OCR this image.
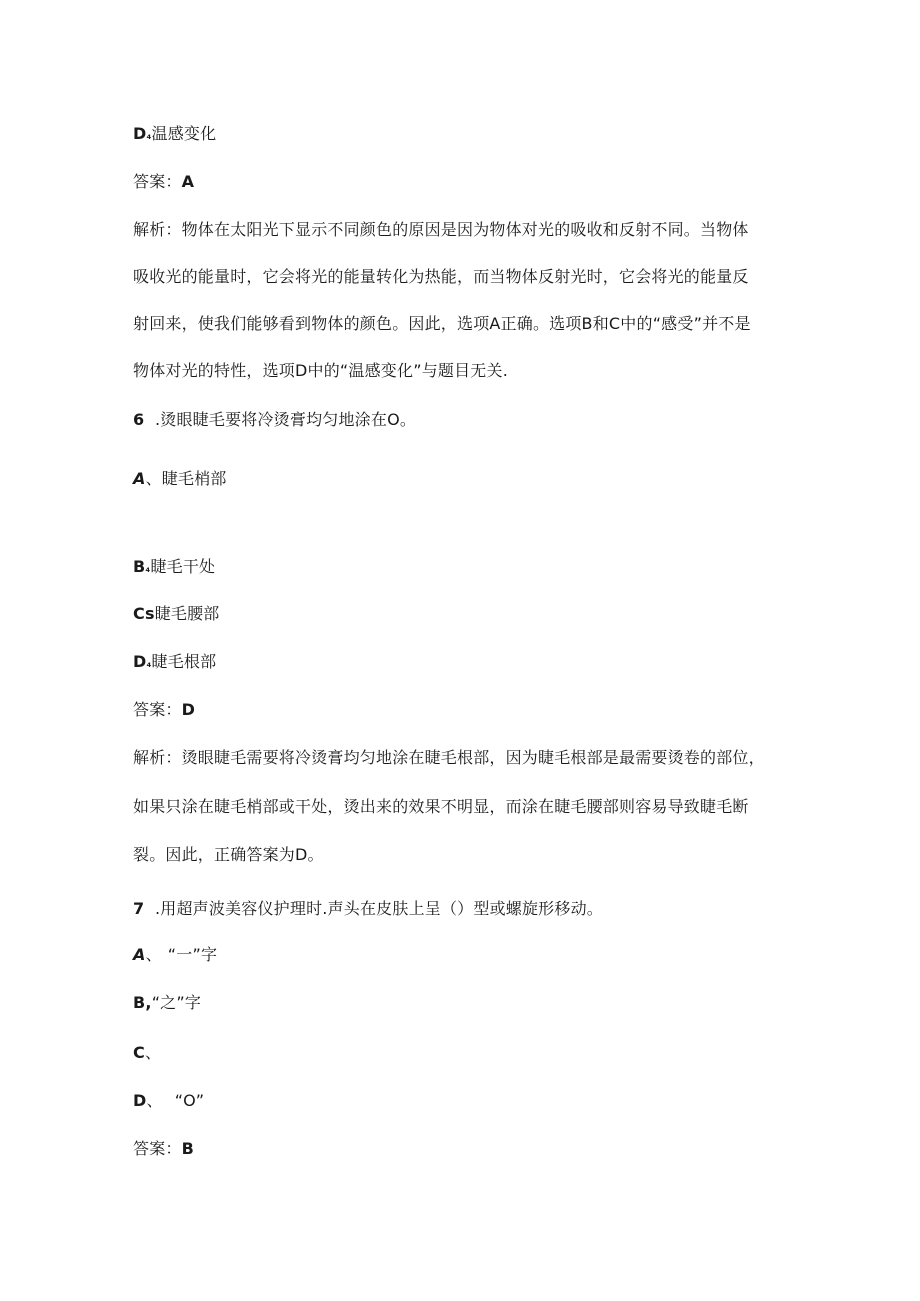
D₄温感变化
答案：A
解析：物体在太阳光下显示不同颜色的原因是因为物体对光的吸收和反射不同。当物体
吸收光的能量时，它会将光的能量转化为热能，而当物体反射光时，它会将光的能量反
射回来，使我们能够看到物体的颜色。因此，选项A正确。选项B和C中的“感受”并不是
物体对光的特性，选项D中的“温感变化”与题目无关.
6 .烫眼睫毛要将冷烫膏均匀地涂在O。
A、睫毛梢部
B₄睫毛干处
Cs睫毛腰部
D₄睫毛根部
答案：D
解析：烫眼睫毛需要将冷烫膏均匀地涂在睫毛根部，因为睫毛根部是最需要烫卷的部位，
如果只涂在睫毛梢部或干处，烫出来的效果不明显，而涂在睫毛腰部则容易导致睫毛断
裂。因此，正确答案为D。
7 .用超声波美容仪护理时.声头在皮肤上呈（）型或螺旋形移动。
A、 “一”字
B,“之”字
C、
D、 “O”
答案：B
